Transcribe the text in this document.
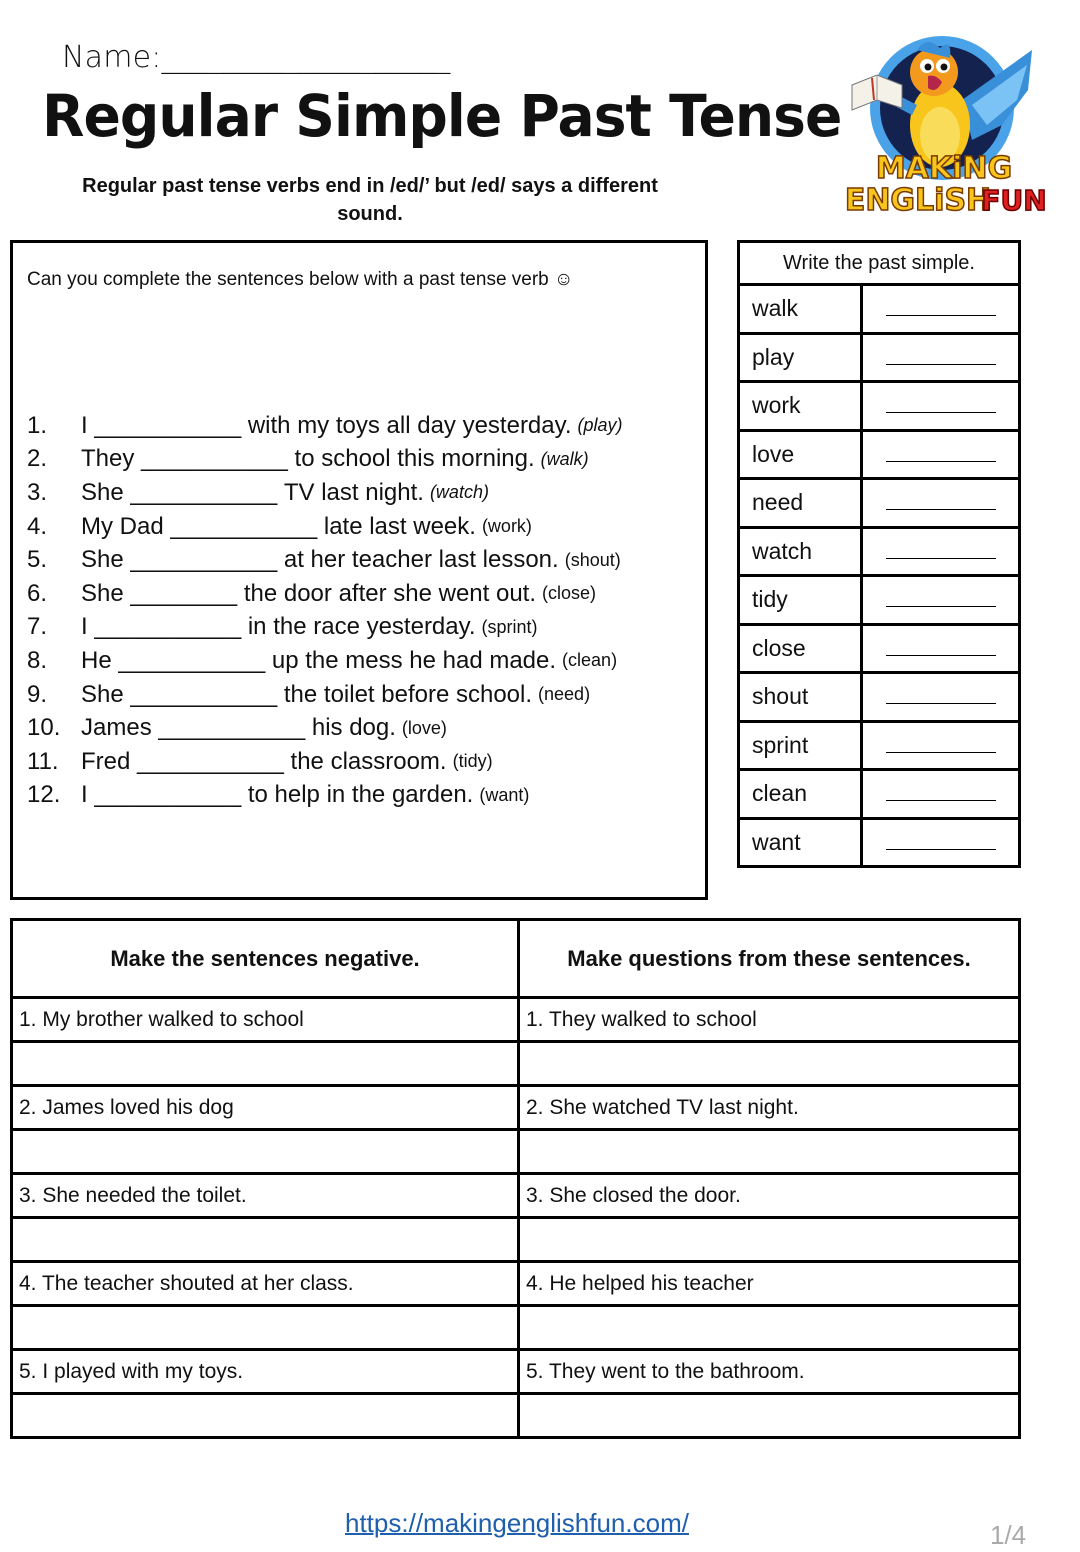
Name:___________________
Regular Simple Past Tense
Regular past tense verbs end in /ed/’ but /ed/ says a different
sound.
MAKiNG
ENGLiSH
FUN
Can you complete the sentences below with a past tense verb ☺
1.	I
___________
with my toys all day yesterday. (play)
2.	They
___________
to school this morning. (walk)
3.	She
___________
TV last night. (watch)
4.	My Dad
___________
late last week. (work)
5.	She
___________
at her teacher last lesson. (shout)
6.	She
________
the door after she went out. (close)
7.	I
___________
in the race yesterday. (sprint)
8.	He
___________
up the mess he had made. (clean)
9.	She
___________
the toilet before school. (need)
10. James
___________
his dog. (love)
11. Fred
___________
the classroom. (tidy)
12. I
___________
to help in the garden. (want)
Write the past simple.	
walk	
play	
work	
love	
need	
watch	
tidy	
close	
shout	
sprint	
clean	
want	
Make the sentences negative.	Make questions from these sentences.
1. My brother walked to school	1. They walked to school

2. James loved his dog	2. She watched TV last night.

3. She needed the toilet.	3. She closed the door.

4. The teacher shouted at her class.	4. He helped his teacher

5. I played with my toys.	5. They went to the bathroom.

https://makingenglishfun.com/	1/4
